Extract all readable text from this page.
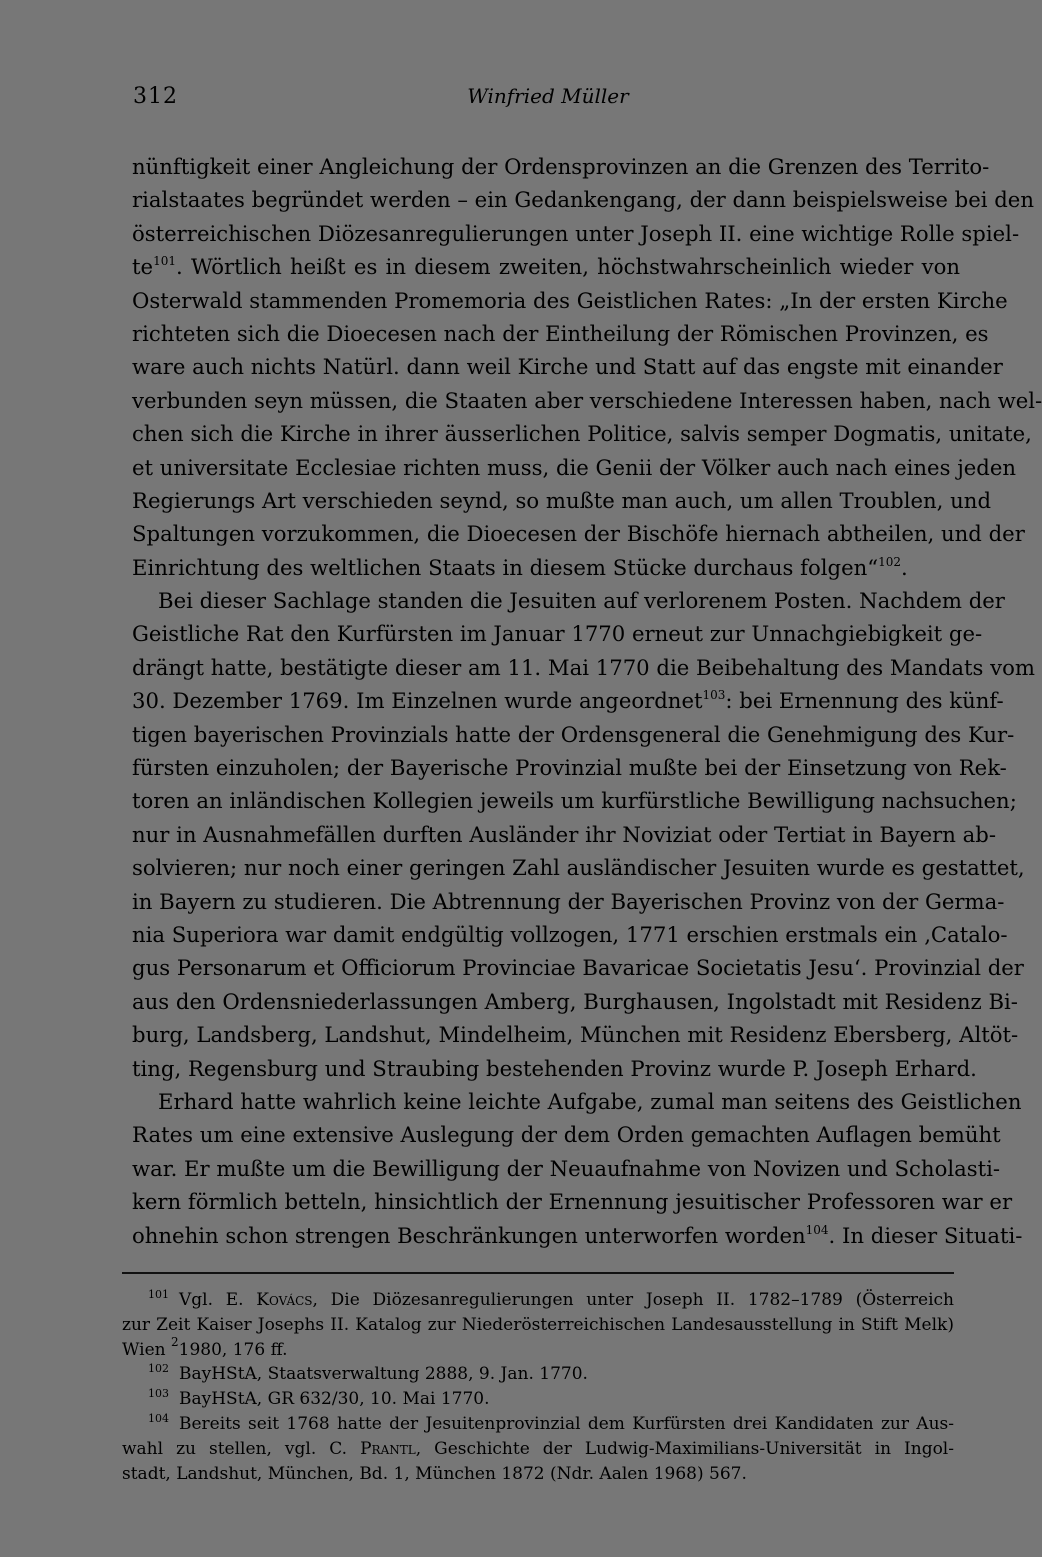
312	Winfried Müller
nünftigkeit einer Angleichung der Ordensprovinzen an die Grenzen des Territo-
rialstaates begründet werden – ein Gedankengang, der dann beispielsweise bei den
österreichischen Diözesanregulierungen unter Joseph II. eine wichtige Rolle spiel-
$te^{101}$. Wörtlich heißt es in diesem zweiten, höchstwahrscheinlich wieder von
Osterwald stammenden Promemoria des Geistlichen Rates: „In der ersten Kirche
richteten sich die Dioecesen nach der Eintheilung der Römischen Provinzen, es
ware auch nichts Natürl. dann weil Kirche und Statt auf das engste mit einander
verbunden seyn müssen, die Staaten aber verschiedene Interessen haben, nach wel-
chen sich die Kirche in ihrer äusserlichen Politice, salvis semper Dogmatis, unitate,
et universitate Ecclesiae richten muss, die Genii der Völker auch nach eines jeden
Regierungs Art verschieden seynd, so mußte man auch, um allen Troublen, und
Spaltungen vorzukommen, die Dioecesen der Bischöfe hiernach abtheilen, und der
Einrichtung des weltlichen Staats in diesem Stücke durchaus folgen“$^{102}$.
Bei dieser Sachlage standen die Jesuiten auf verlorenem Posten. Nachdem der
Geistliche Rat den Kurfürsten im Januar 1770 erneut zur Unnachgiebigkeit ge-
drängt hatte, bestätigte dieser am 11. Mai 1770 die Beibehaltung des Mandats vom
30. Dezember 1769. Im Einzelnen wurde angeordnet$^{103}$: bei Ernennung des künf-
tigen bayerischen Provinzials hatte der Ordensgeneral die Genehmigung des Kur-
fürsten einzuholen; der Bayerische Provinzial mußte bei der Einsetzung von Rek-
toren an inländischen Kollegien jeweils um kurfürstliche Bewilligung nachsuchen;
nur in Ausnahmefällen durften Ausländer ihr Noviziat oder Tertiat in Bayern ab-
solvieren; nur noch einer geringen Zahl ausländischer Jesuiten wurde es gestattet,
in Bayern zu studieren. Die Abtrennung der Bayerischen Provinz von der Germa-
nia Superiora war damit endgültig vollzogen, 1771 erschien erstmals ein ‚Catalo-
gus Personarum et Officiorum Provinciae Bavaricae Societatis Jesu‘. Provinzial der
aus den Ordensniederlassungen Amberg, Burghausen, Ingolstadt mit Residenz Bi-
burg, Landsberg, Landshut, Mindelheim, München mit Residenz Ebersberg, Altöt-
ting, Regensburg und Straubing bestehenden Provinz wurde P. Joseph Erhard.
Erhard hatte wahrlich keine leichte Aufgabe, zumal man seitens des Geistlichen
Rates um eine extensive Auslegung der dem Orden gemachten Auflagen bemüht
war. Er mußte um die Bewilligung der Neuaufnahme von Novizen und Scholasti-
kern förmlich betteln, hinsichtlich der Ernennung jesuitischer Professoren war er
ohnehin schon strengen Beschränkungen unterworfen worden$^{104}$. In dieser Situati-
$^{101}$ Vgl. E. Kovács, Die Diözesanregulierungen unter Joseph II. 1782–1789 (Österreich
zur Zeit Kaiser Josephs II. Katalog zur Niederösterreichischen Landesausstellung in Stift Melk)
Wien $^2$1980, 176 ff.
$^{102}$ BayHStA, Staatsverwaltung 2888, 9. Jan. 1770.
$^{103}$ BayHStA, GR 632/30, 10. Mai 1770.
$^{104}$ Bereits seit 1768 hatte der Jesuitenprovinzial dem Kurfürsten drei Kandidaten zur Aus-
wahl zu stellen, vgl. C. Prantl, Geschichte der Ludwig-Maximilians-Universität in Ingol-
stadt, Landshut, München, Bd. 1, München 1872 (Ndr. Aalen 1968) 567.
